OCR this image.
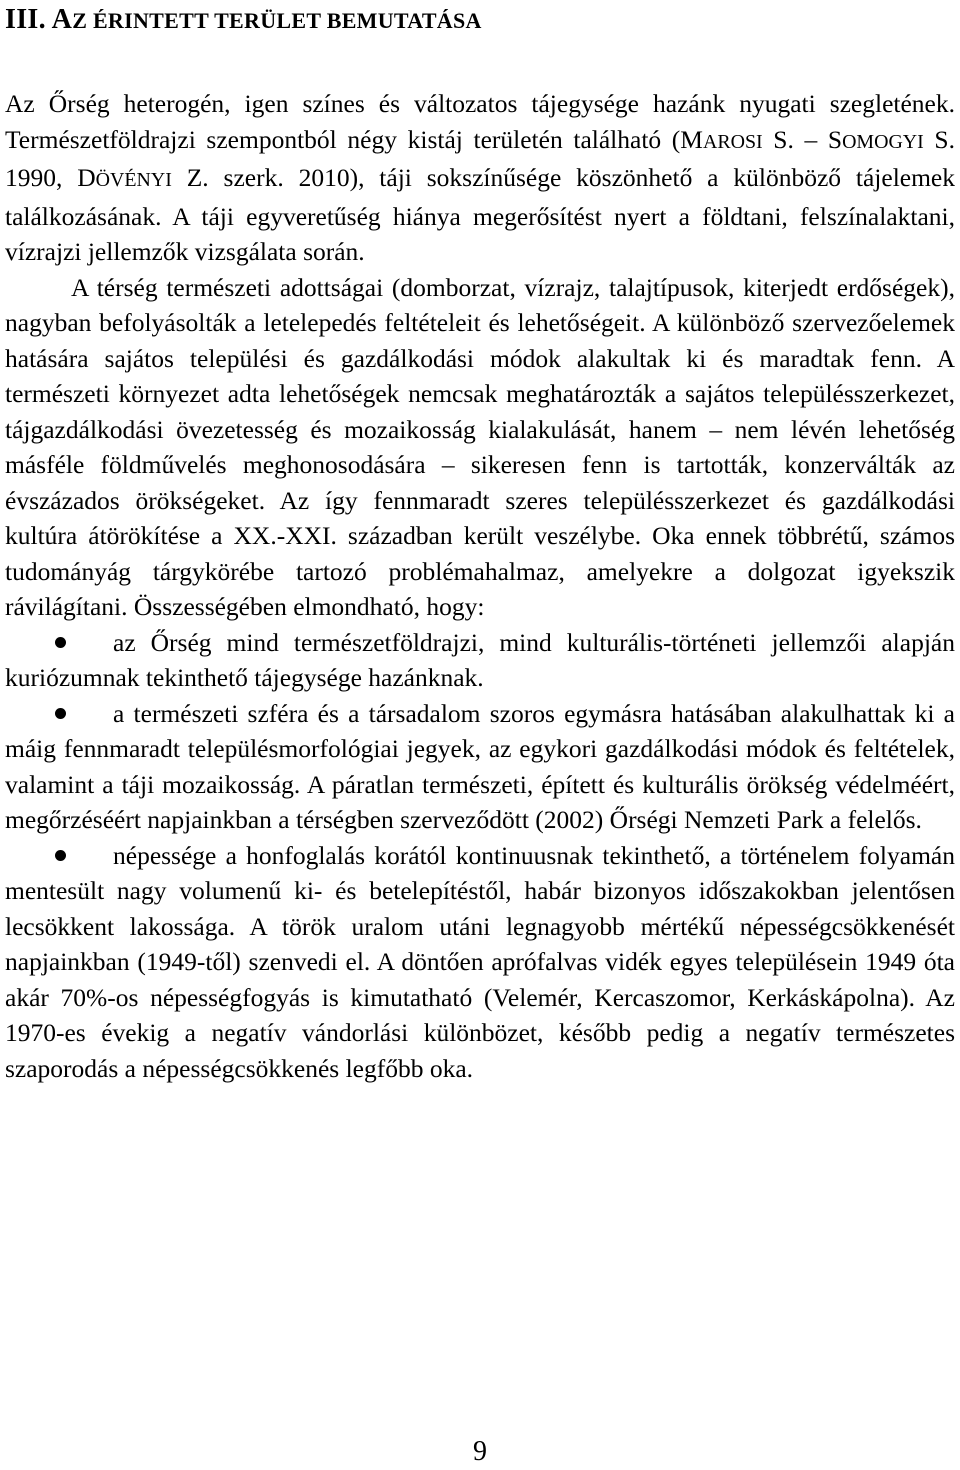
III. AZ ÉRINTETT TERÜLET BEMUTATÁSA

Az Őrség heterogén, igen színes és változatos tájegysége hazánk nyugati szegletének. Természetföldrajzi szempontból négy kistáj területén található (MAROSI S. – SOMOGYI S. 1990, DÖVÉNYI Z. szerk. 2010), táji sokszínűsége köszönhető a különböző tájelemek találkozásának. A táji egyveretűség hiánya megerősítést nyert a földtani, felszínalaktani, vízrajzi jellemzők vizsgálata során.

A térség természeti adottságai (domborzat, vízrajz, talajtípusok, kiterjedt erdőségek), nagyban befolyásolták a letelepedés feltételeit és lehetőségeit. A különböző szervezőelemek hatására sajátos települési és gazdálkodási módok alakultak ki és maradtak fenn. A természeti környezet adta lehetőségek nemcsak meghatározták a sajátos településszerkezet, tájgazdálkodási övezetesség és mozaikosság kialakulását, hanem – nem lévén lehetőség másféle földművelés meghonosodására – sikeresen fenn is tartották, konzerválták az évszázados örökségeket. Az így fennmaradt szeres településszerkezet és gazdálkodási kultúra átörökítése a XX.-XXI. században került veszélybe. Oka ennek többrétű, számos tudományág tárgykörébe tartozó problémahalmaz, amelyekre a dolgozat igyekszik rávilágítani. Összességében elmondható, hogy:

az Őrség mind természetföldrajzi, mind kulturális-történeti jellemzői alapján kuriózumnak tekinthető tájegysége hazánknak.

a természeti szféra és a társadalom szoros egymásra hatásában alakulhattak ki a máig fennmaradt településmorfológiai jegyek, az egykori gazdálkodási módok és feltételek, valamint a táji mozaikosság. A páratlan természeti, épített és kulturális örökség védelméért, megőrzéséért napjainkban a térségben szerveződött (2002) Őrségi Nemzeti Park a felelős.

népessége a honfoglalás korától kontinuusnak tekinthető, a történelem folyamán mentesült nagy volumenű ki- és betelepítéstől, habár bizonyos időszakokban jelentősen lecsökkent lakossága. A török uralom utáni legnagyobb mértékű népességcsökkenését napjainkban (1949-től) szenvedi el. A döntően aprófalvas vidék egyes településein 1949 óta akár 70%-os népességfogyás is kimutatható (Velemér, Kercaszomor, Kerkáskápolna). Az 1970-es évekig a negatív vándorlási különbözet, később pedig a negatív természetes szaporodás a népességcsökkenés legfőbb oka.

9
